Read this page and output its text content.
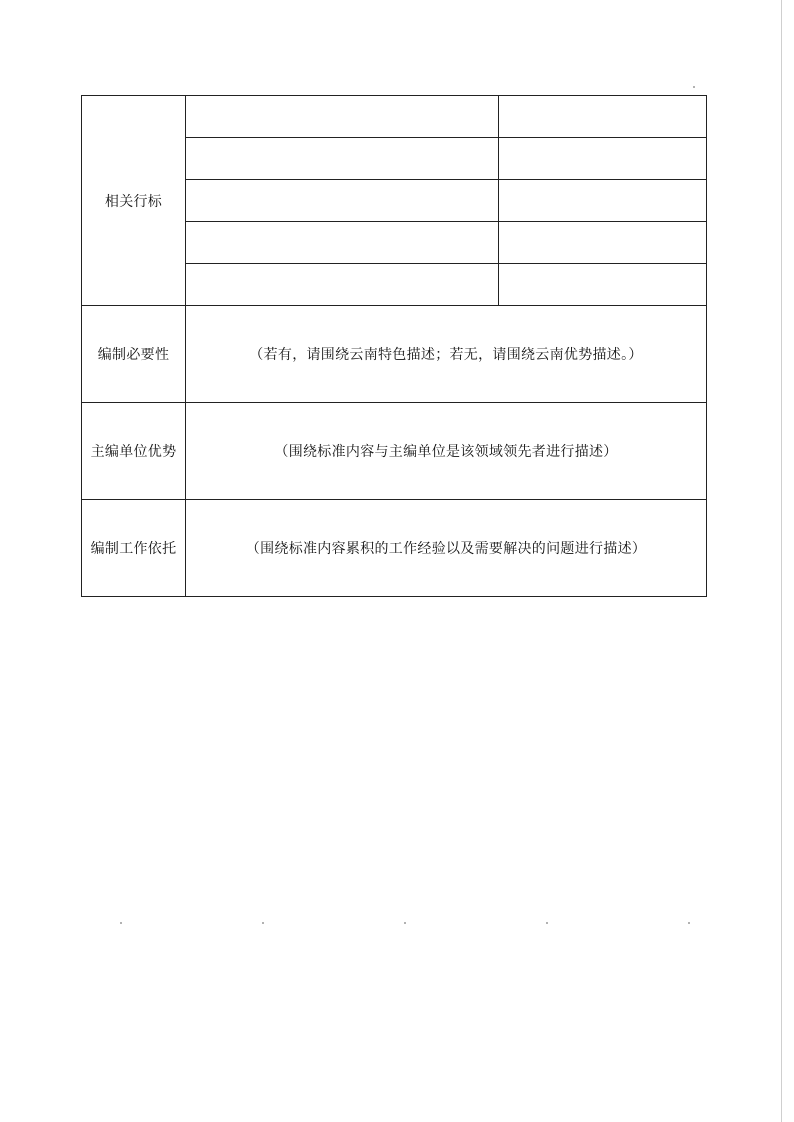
相关行标		

编制必要性	（若有，请围绕云南特色描述；若无，请围绕云南优势描述。）	
主编单位优势	（围绕标准内容与主编单位是该领域领先者进行描述）	
编制工作依托	（围绕标准内容累积的工作经验以及需要解决的问题进行描述）	
